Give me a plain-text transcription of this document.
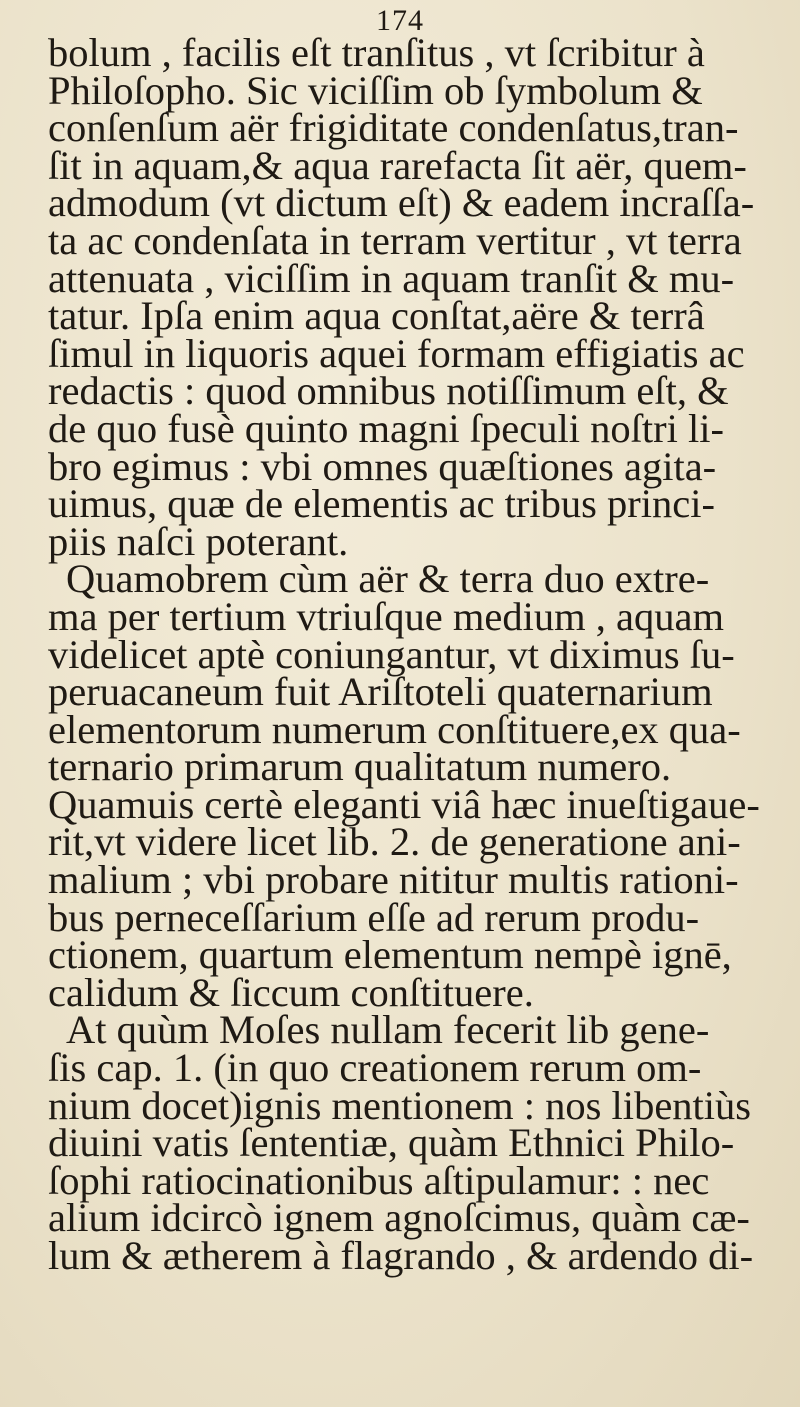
174
bolum , facilis eſt tranſitus , vt ſcribitur à
Philoſopho. Sic viciſſim ob ſymbolum &
conſenſum aër frigiditate condenſatus,tran-
ſit in aquam,& aqua rarefacta ſit aër, quem-
admodum (vt dictum eſt) & eadem incraſſa-
ta ac condenſata in terram vertitur , vt terra
attenuata , viciſſim in aquam tranſit & mu-
tatur. Ipſa enim aqua conſtat,aëre & terrâ
ſimul in liquoris aquei formam effigiatis ac
redactis : quod omnibus notiſſimum eſt, &
de quo fusè quinto magni ſpeculi noſtri li-
bro egimus : vbi omnes quæſtiones agita-
uimus, quæ de elementis ac tribus princi-
piis naſci poterant.
Quamobrem cùm aër & terra duo extre-
ma per tertium vtriuſque medium , aquam
videlicet aptè coniungantur, vt diximus ſu-
peruacaneum fuit Ariſtoteli quaternarium
elementorum numerum conſtituere,ex qua-
ternario primarum qualitatum numero.
Quamuis certè eleganti viâ hæc inueſtigaue-
rit,vt videre licet lib. 2. de generatione ani-
malium ; vbi probare nititur multis rationi-
bus perneceſſarium eſſe ad rerum produ-
ctionem, quartum elementum nempè ignē,
calidum & ſiccum conſtituere.
At quùm Moſes nullam fecerit lib gene-
ſis cap. 1. (in quo creationem rerum om-
nium docet)ignis mentionem : nos libentiùs
diuini vatis ſententiæ, quàm Ethnici Philo-
ſophi ratiocinationibus aſtipulamur: : nec
alium idcircò ignem agnoſcimus, quàm cæ-
lum & ætherem à flagrando , & ardendo di-
